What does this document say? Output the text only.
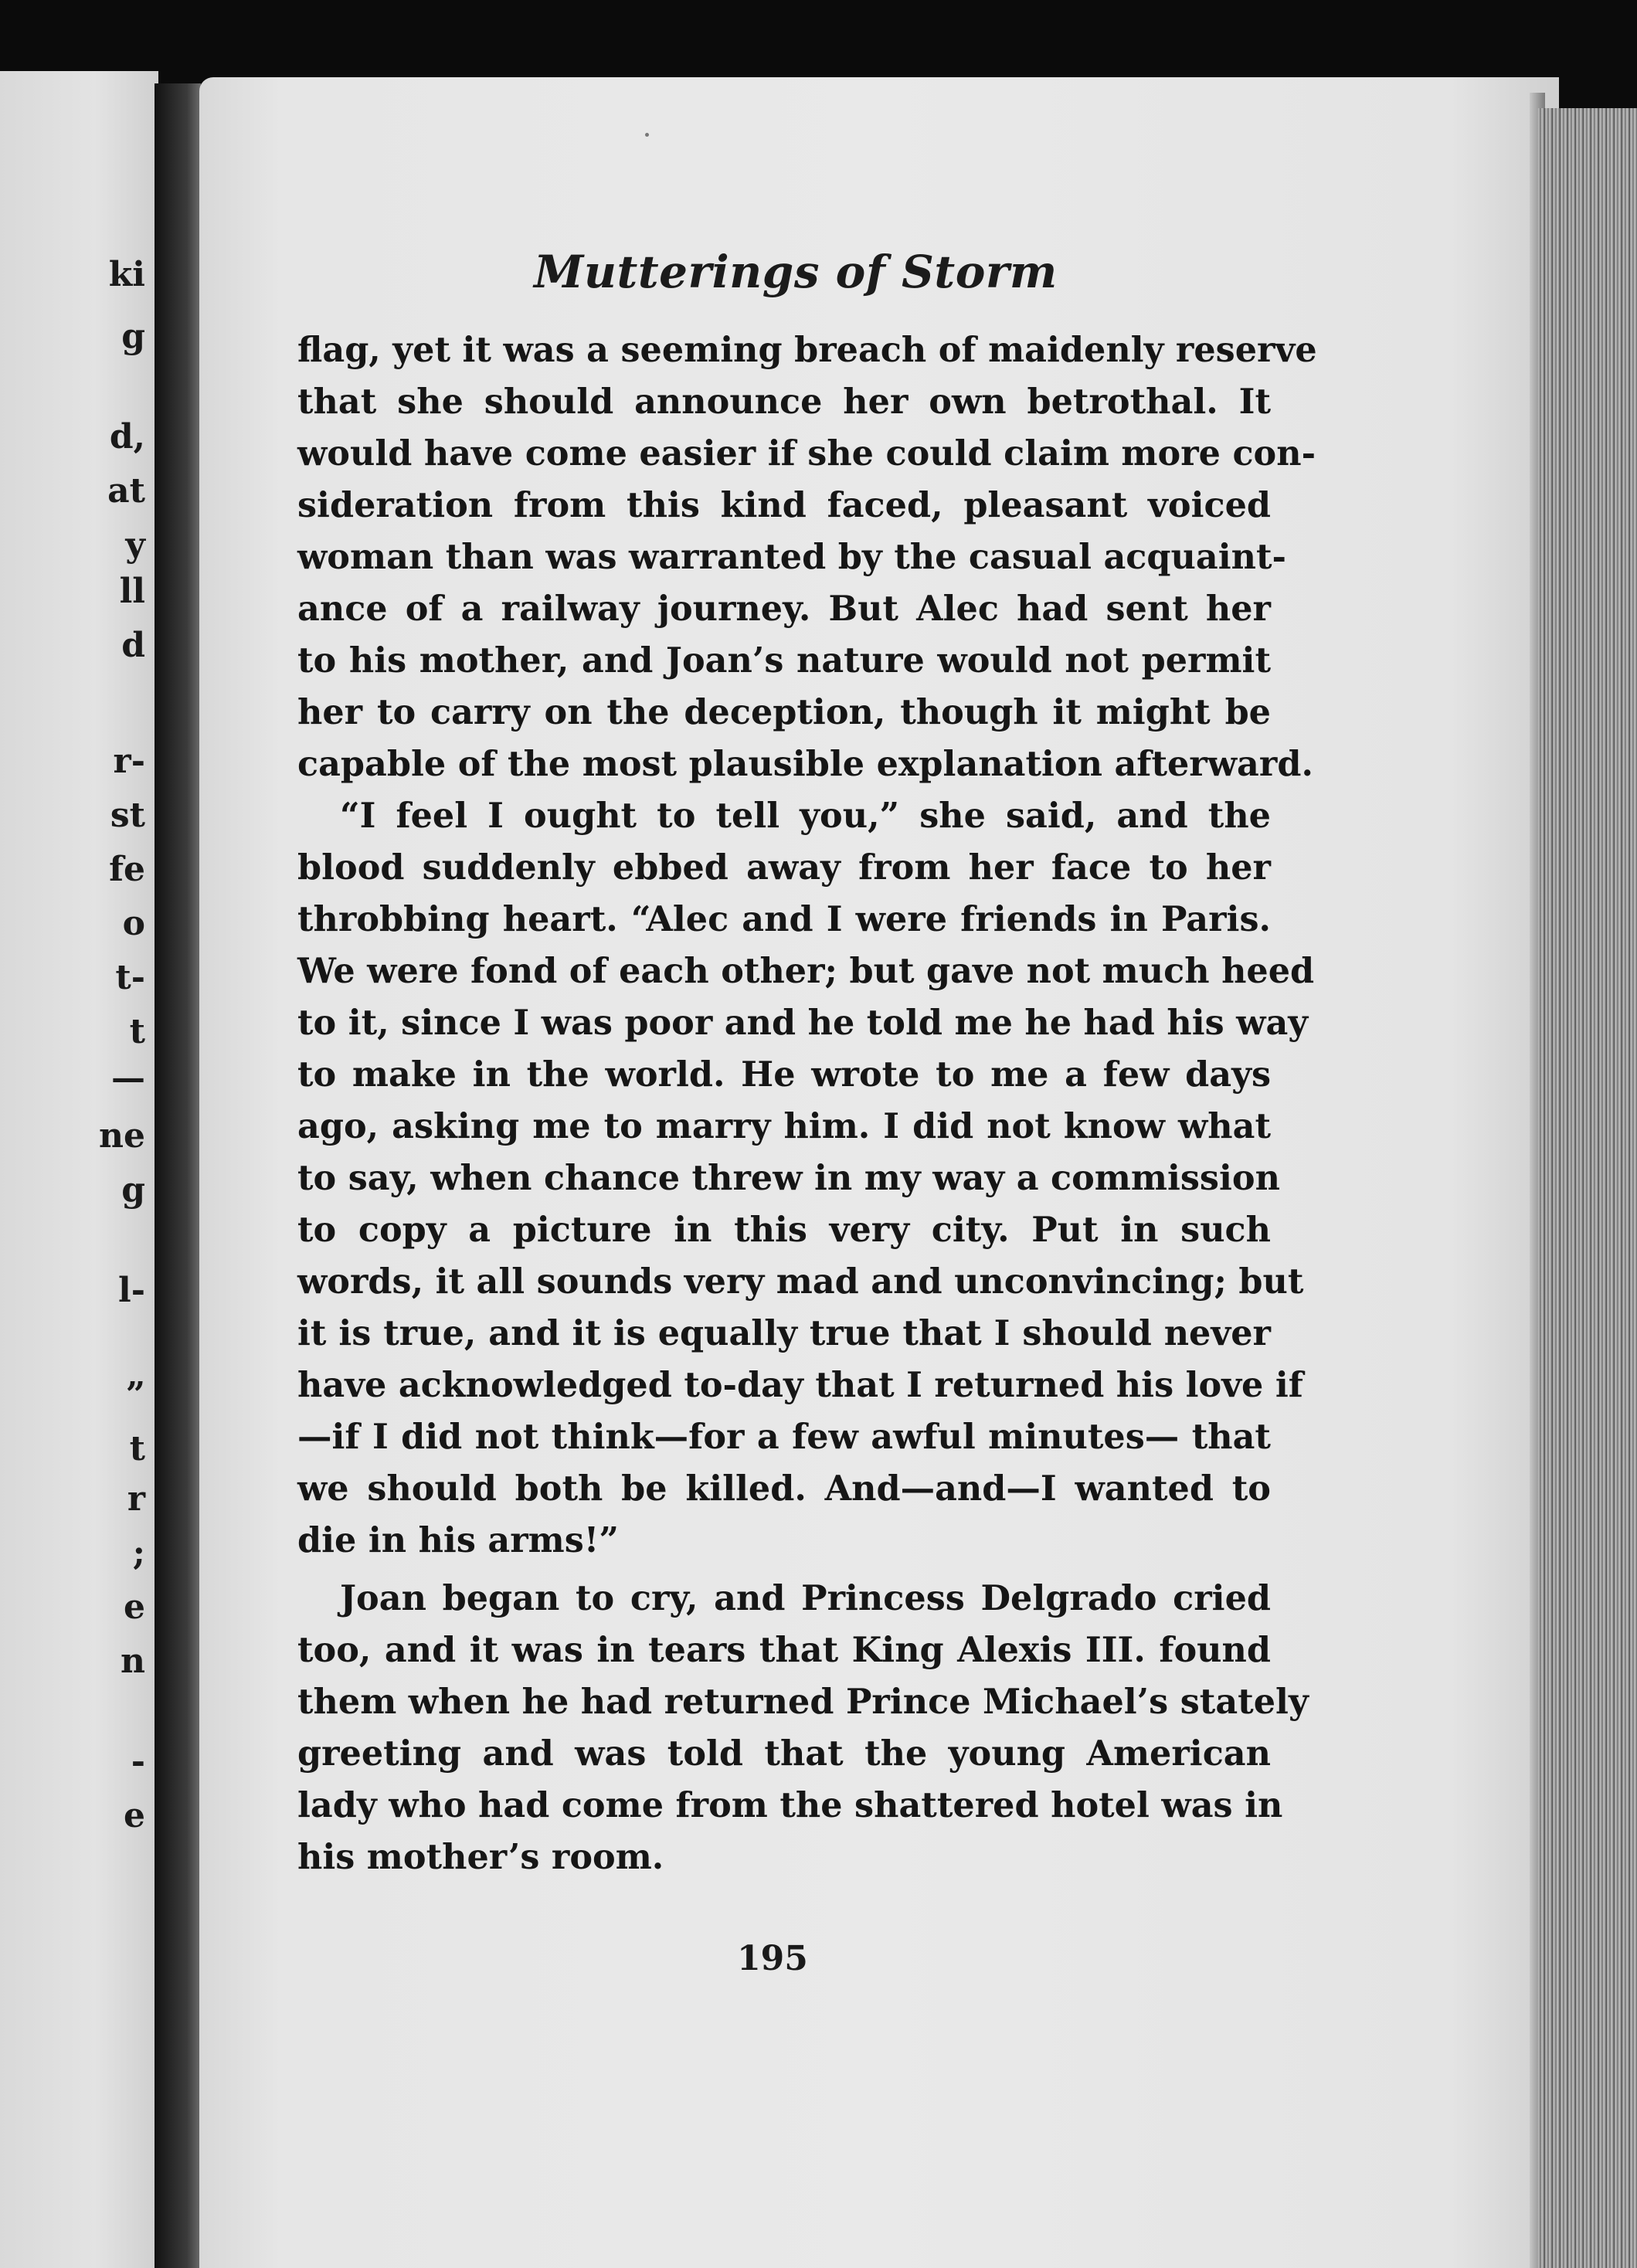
ki
g
d,
at
y
ll
d
r-
st
fe
o
t-
t
—
ne
g
l-
”
t
r
;
e
n
-
e
Mutterings of Storm
flag, yet it was a seeming breach of maidenly reserve
that she should announce her own betrothal. It
would have come easier if she could claim more con-
sideration from this kind faced, pleasant voiced
woman than was warranted by the casual acquaint-
ance of a railway journey. But Alec had sent her
to his mother, and Joan’s nature would not permit
her to carry on the deception, though it might be
capable of the most plausible explanation afterward.
“I feel I ought to tell you,” she said, and the
blood suddenly ebbed away from her face to her
throbbing heart. “Alec and I were friends in Paris.
We were fond of each other; but gave not much heed
to it, since I was poor and he told me he had his way
to make in the world. He wrote to me a few days
ago, asking me to marry him. I did not know what
to say, when chance threw in my way a commission
to copy a picture in this very city. Put in such
words, it all sounds very mad and unconvincing; but
it is true, and it is equally true that I should never
have acknowledged to-day that I returned his love if
—if I did not think—for a few awful minutes— that
we should both be killed. And—and—I wanted to
die in his arms!”
Joan began to cry, and Princess Delgrado cried
too, and it was in tears that King Alexis III. found
them when he had returned Prince Michael’s stately
greeting and was told that the young American
lady who had come from the shattered hotel was in
his mother’s room.
195
